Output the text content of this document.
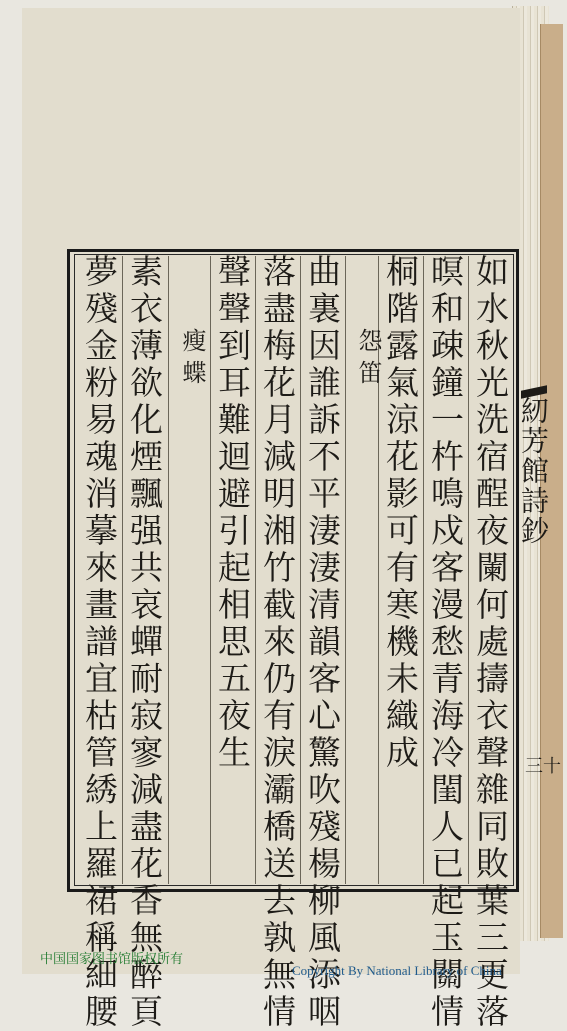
如水秋光洗宿酲夜闌何處擣衣聲雜同敗葉三更落
暝和疎鐘一杵鳴戍客漫愁青海冷閨人已起玉關情
桐階露氣涼花影可有寒機未織成
怨笛
曲裏因誰訴不平淒淒清韻客心驚吹殘楊柳風添咽
落盡梅花月減明湘竹截來仍有淚灞橋送去孰無情
聲聲到耳難迴避引起相思五夜生
瘦蝶
素衣薄欲化煙飄强共哀蟬耐寂寥減盡花香無醉頁
夢殘金粉易魂消摹來畫譜宜枯管綉上羅裙稱細腰	紉芳館詩鈔
三十
中国国家图书馆版权所有
Copyright By National Library of China
